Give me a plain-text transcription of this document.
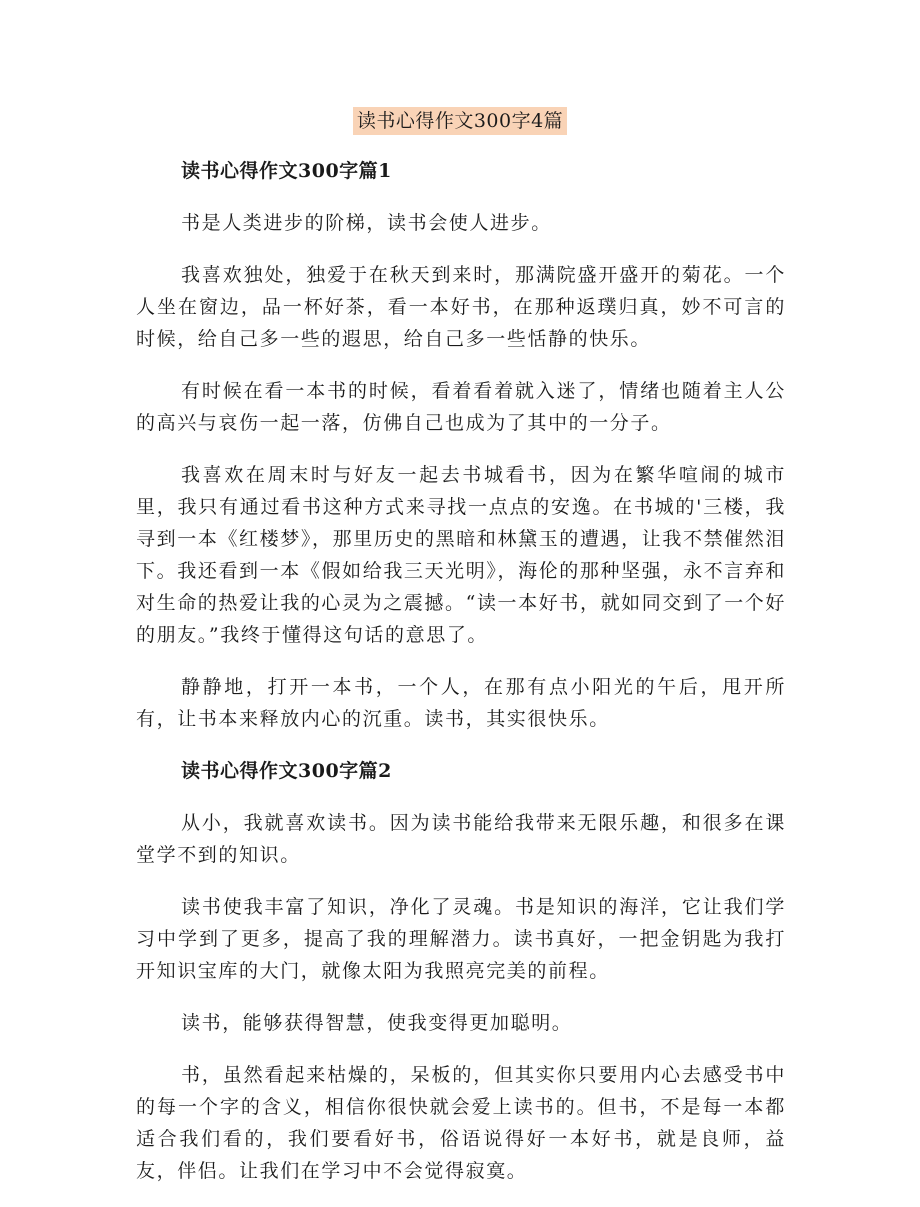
读书心得作文300字4篇
读书心得作文300字篇1

书是人类进步的阶梯，读书会使人进步。

我喜欢独处，独爱于在秋天到来时，那满院盛开盛开的菊花。一个人坐在窗边，品一杯好茶，看一本好书，在那种返璞归真，妙不可言的时候，给自己多一些的遐思，给自己多一些恬静的快乐。

有时候在看一本书的时候，看着看着就入迷了，情绪也随着主人公的高兴与哀伤一起一落，仿佛自己也成为了其中的一分子。

我喜欢在周末时与好友一起去书城看书，因为在繁华喧闹的城市里，我只有通过看书这种方式来寻找一点点的安逸。在书城的'三楼，我寻到一本《红楼梦》，那里历史的黑暗和林黛玉的遭遇，让我不禁催然泪下。我还看到一本《假如给我三天光明》，海伦的那种坚强，永不言弃和对生命的热爱让我的心灵为之震撼。“读一本好书，就如同交到了一个好的朋友。”我终于懂得这句话的意思了。

静静地，打开一本书，一个人，在那有点小阳光的午后，甩开所有，让书本来释放内心的沉重。读书，其实很快乐。

读书心得作文300字篇2

从小，我就喜欢读书。因为读书能给我带来无限乐趣，和很多在课堂学不到的知识。

读书使我丰富了知识，净化了灵魂。书是知识的海洋，它让我们学习中学到了更多，提高了我的理解潜力。读书真好，一把金钥匙为我打开知识宝库的大门，就像太阳为我照亮完美的前程。

读书，能够获得智慧，使我变得更加聪明。

书，虽然看起来枯燥的，呆板的，但其实你只要用内心去感受书中的每一个字的含义，相信你很快就会爱上读书的。但书，不是每一本都适合我们看的，我们要看好书，俗语说得好一本好书，就是良师，益友，伴侣。让我们在学习中不会觉得寂寞。
